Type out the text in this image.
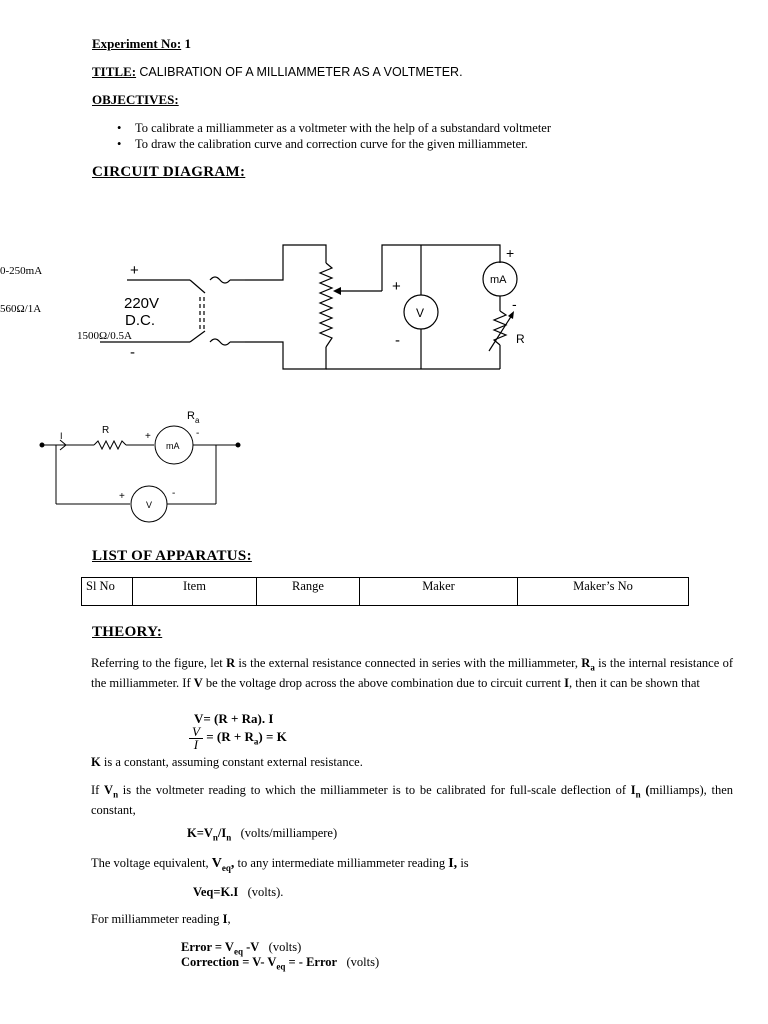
Experiment No: 1
TITLE: CALIBRATION OF A MILLIAMMETER AS A VOLTMETER.
OBJECTIVES:
• To calibrate a milliammeter as a voltmeter with the help of a substandard voltmeter
• To draw the calibration curve and correction curve for the given milliammeter.
CIRCUIT DIAGRAM:
0-250mA
560Ω/1A
1500Ω/0.5A
+
-
220V
D.C.
+
-
V
+
-
mA
R
I	R
$R_a$
+	-
mA
+	-
V
LIST OF APPARATUS:
Sl No	Item	Range	Maker	Maker’s No
THEORY:
Referring to the figure, let R is the external resistance connected in series with the milliammeter, $R_a$ is the internal resistance of the milliammeter. If V be the voltage drop across the above combination due to circuit current I, then it can be shown that
V= (R + Ra). I
$\frac{V}{I} = (R + R_a) = K$
K is a constant, assuming constant external resistance.
If $V_n$ is the voltmeter reading to which the milliammeter is to be calibrated for full-scale deflection of $I_n$ (milliamps), then constant,
$K=V_n/I_n$ (volts/milliampere)
The voltage equivalent, $V_{eq}$, to any intermediate milliammeter reading I, is
Veq=K.I (volts).
For milliammeter reading I,
Error = $V_{eq}$ -V (volts)
Correction = V- $V_{eq}$ = - Error (volts)
